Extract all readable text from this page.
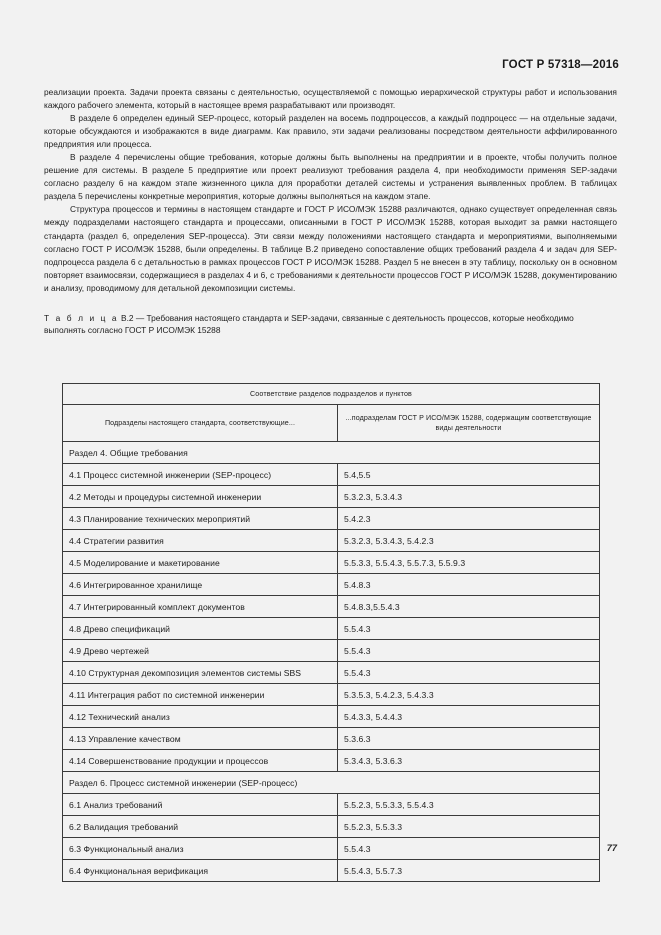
ГОСТ Р 57318—2016

реализации проекта. Задачи проекта связаны с деятельностью, осуществляемой с помощью иерархической структуры работ и использования каждого рабочего элемента, который в настоящее время разрабатывают или производят.

В разделе 6 определен единый SEP-процесс, который разделен на восемь подпроцессов, а каждый подпроцесс — на отдельные задачи, которые обсуждаются и изображаются в виде диаграмм. Как правило, эти задачи реализованы посредством деятельности аффилированного предприятия или процесса.

В разделе 4 перечислены общие требования, которые должны быть выполнены на предприятии и в проекте, чтобы получить полное решение для системы. В разделе 5 предприятие или проект реализуют требования раздела 4, при необходимости применяя SEP-задачи согласно разделу 6 на каждом этапе жизненного цикла для проработки деталей системы и устранения выявленных проблем. В таблицах раздела 5 перечислены конкретные мероприятия, которые должны выполняться на каждом этапе.

Структура процессов и термины в настоящем стандарте и ГОСТ Р ИСО/МЭК 15288 различаются, однако существует определенная связь между подразделами настоящего стандарта и процессами, описанными в ГОСТ Р ИСО/МЭК 15288, которая выходит за рамки настоящего стандарта (раздел 6, определения SEP-процесса). Эти связи между положениями настоящего стандарта и мероприятиями, выполняемыми согласно ГОСТ Р ИСО/МЭК 15288, были определены. В таблице В.2 приведено сопоставление общих требований раздела 4 и задач для SEP-подпроцесса раздела 6 с детальностью в рамках процессов ГОСТ Р ИСО/МЭК 15288. Раздел 5 не внесен в эту таблицу, поскольку он в основном повторяет взаимосвязи, содержащиеся в разделах 4 и 6, с требованиями к деятельности процессов ГОСТ Р ИСО/МЭК 15288, документированию и анализу, проводимому для детальной декомпозиции системы.

Т а б л и ц а В.2 — Требования настоящего стандарта и SEP-задачи, связанные с деятельность процессов, которые необходимо выполнять согласно ГОСТ Р ИСО/МЭК 15288
Соответствие разделов подразделов и пунктов	
Подразделы настоящего стандарта, соответствующие...	...подразделам ГОСТ Р ИСО/МЭК 15288, содержащим соответствующие виды деятельности
Раздел 4. Общие требования	
4.1 Процесс системной инженерии (SEP-процесс)	5.4,5.5
4.2 Методы и процедуры системной инженерии	5.3.2.3, 5.3.4.3
4.3 Планирование технических мероприятий	5.4.2.3
4.4 Стратегии развития	5.3.2.3, 5.3.4.3, 5.4.2.3
4.5 Моделирование и макетирование	5.5.3.3, 5.5.4.3, 5.5.7.3, 5.5.9.3
4.6 Интегрированное хранилище	5.4.8.3
4.7 Интегрированный комплект документов	5.4.8.3,5.5.4.3
4.8 Древо спецификаций	5.5.4.3
4.9 Древо чертежей	5.5.4.3
4.10 Структурная декомпозиция элементов системы SBS	5.5.4.3
4.11 Интеграция работ по системной инженерии	5.3.5.3, 5.4.2.3, 5.4.3.3
4.12 Технический анализ	5.4.3.3, 5.4.4.3
4.13 Управление качеством	5.3.6.3
4.14 Совершенствование продукции и процессов	5.3.4.3, 5.3.6.3
Раздел 6. Процесс системной инженерии (SEP-процесс)	
6.1 Анализ требований	5.5.2.3, 5.5.3.3, 5.5.4.3
6.2 Валидация требований	5.5.2.3, 5.5.3.3
6.3 Функциональный анализ	5.5.4.3
6.4 Функциональная верификация	5.5.4.3, 5.5.7.3
77
